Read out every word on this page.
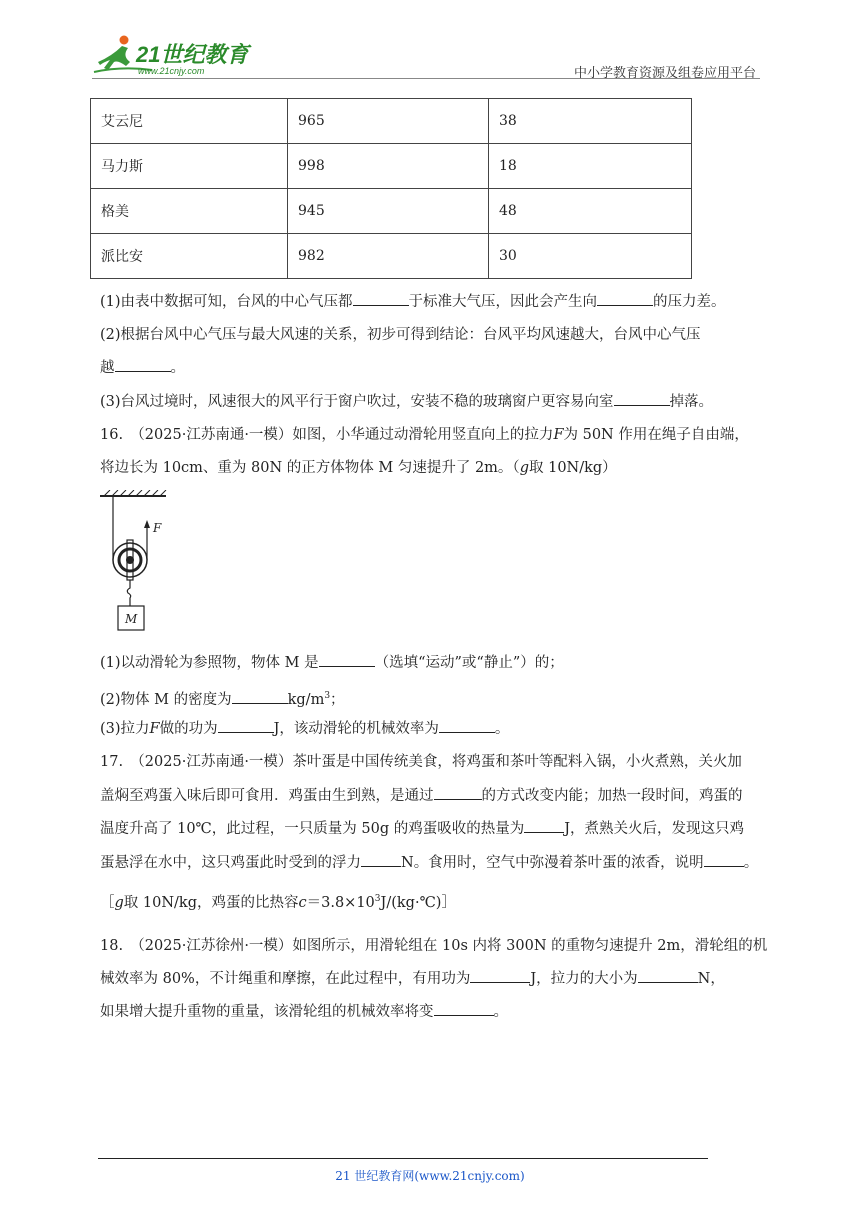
21世纪教育
www.21cnjy.com	中小学教育资源及组卷应用平台
艾云尼	965	38
马力斯	998	18
格美	945	48
派比安	982	30
(1)由表中数据可知，台风的中心气压都	于标准大气压，因此会产生向	的压力差。
(2)根据台风中心气压与最大风速的关系，初步可得到结论：台风平均风速越大，台风中心气压
越	。
(3)台风过境时，风速很大的风平行于窗户吹过，安装不稳的玻璃窗户更容易向室	掉落。
16.　（2025·江苏南通·一模）如图，小华通过动滑轮用竖直向上的拉力F为 50N 作用在绳子自由端，
将边长为 10cm、重为 80N 的正方体物体 M 匀速提升了 2m。（g取 10N/kg）
F
M
(1)以动滑轮为参照物，物体 M 是	（选填“运动”或“静止”）的；
(2)物体 M 的密度为	$kg/m^3$；
(3)拉力F做的功为	J，该动滑轮的机械效率为	。
17.　（2025·江苏南通·一模）茶叶蛋是中国传统美食，将鸡蛋和茶叶等配料入锅，小火煮熟，关火加
盖焖至鸡蛋入味后即可食用．鸡蛋由生到熟，是通过	的方式改变内能；加热一段时间，鸡蛋的
温度升高了 10℃，此过程，一只质量为 50g 的鸡蛋吸收的热量为	J，煮熟关火后，发现这只鸡
蛋悬浮在水中，这只鸡蛋此时受到的浮力	N。食用时，空气中弥漫着茶叶蛋的浓香，说明	。
［g取 10N/kg，鸡蛋的比热容$c=3.8\times 10^3J/(kg\cdot℃)]$
18.　（2025·江苏徐州·一模）如图所示，用滑轮组在 10s 内将 300N 的重物匀速提升 2m，滑轮组的机
械效率为 80%，不计绳重和摩擦，在此过程中，有用功为	J，拉力的大小为	N，
如果增大提升重物的重量，该滑轮组的机械效率将变	。
21 世纪教育网(www.21cnjy.com)
